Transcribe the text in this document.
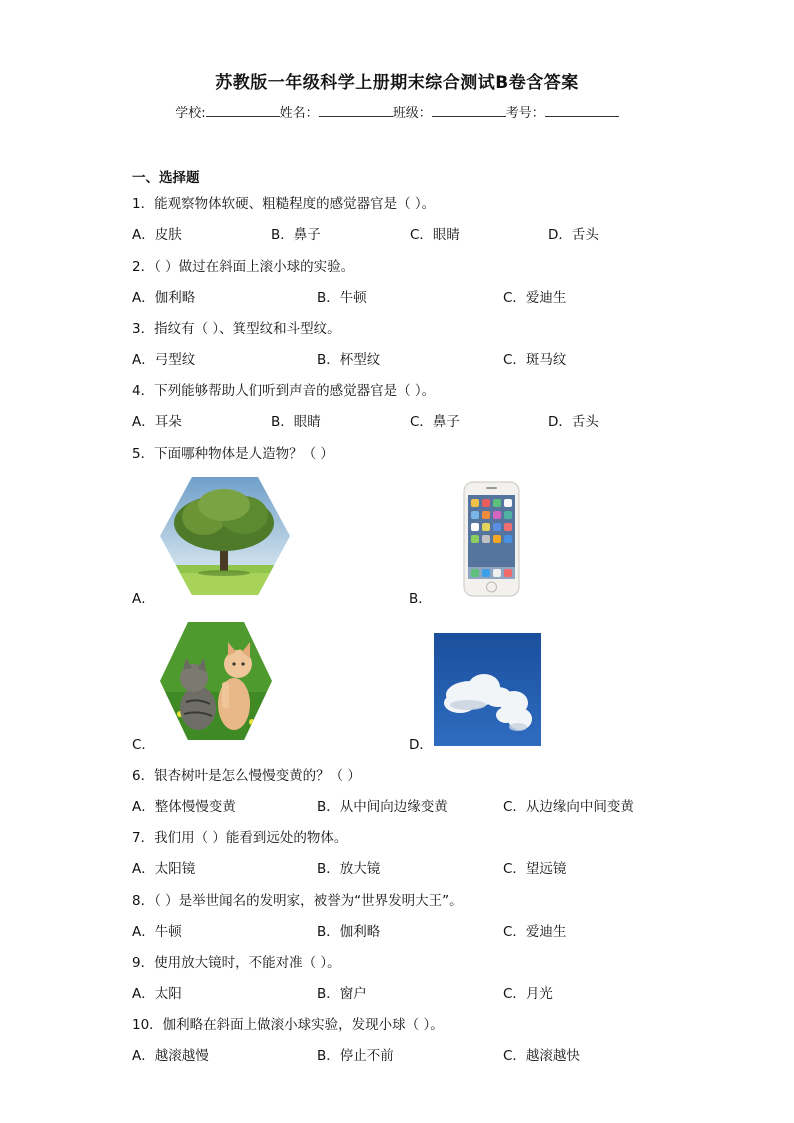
苏教版一年级科学上册期末综合测试B卷含答案
学校:	姓名：	班级：	考号：
一、选择题
1．能观察物体软硬、粗糙程度的感觉器官是（ ）。
A．皮肤	B．鼻子	C．眼睛	D．舌头
2．（ ）做过在斜面上滚小球的实验。
A．伽利略	B．牛顿	C．爱迪生
3．指纹有（ ）、箕型纹和斗型纹。
A．弓型纹	B．杯型纹	C．斑马纹
4．下列能够帮助人们听到声音的感觉器官是（ ）。
A．耳朵	B．眼睛	C．鼻子	D．舌头
5．下面哪种物体是人造物？（ ）
A．	B．
C．	D．
6．银杏树叶是怎么慢慢变黄的？（ ）
A．整体慢慢变黄	B．从中间向边缘变黄	C．从边缘向中间变黄
7．我们用（ ）能看到远处的物体。
A．太阳镜	B．放大镜	C．望远镜
8．（ ）是举世闻名的发明家，被誉为“世界发明大王”。
A．牛顿	B．伽利略	C．爱迪生
9．使用放大镜时，不能对准（ ）。
A．太阳	B．窗户	C．月光
10．伽利略在斜面上做滚小球实验，发现小球（ ）。
A．越滚越慢	B．停止不前	C．越滚越快
